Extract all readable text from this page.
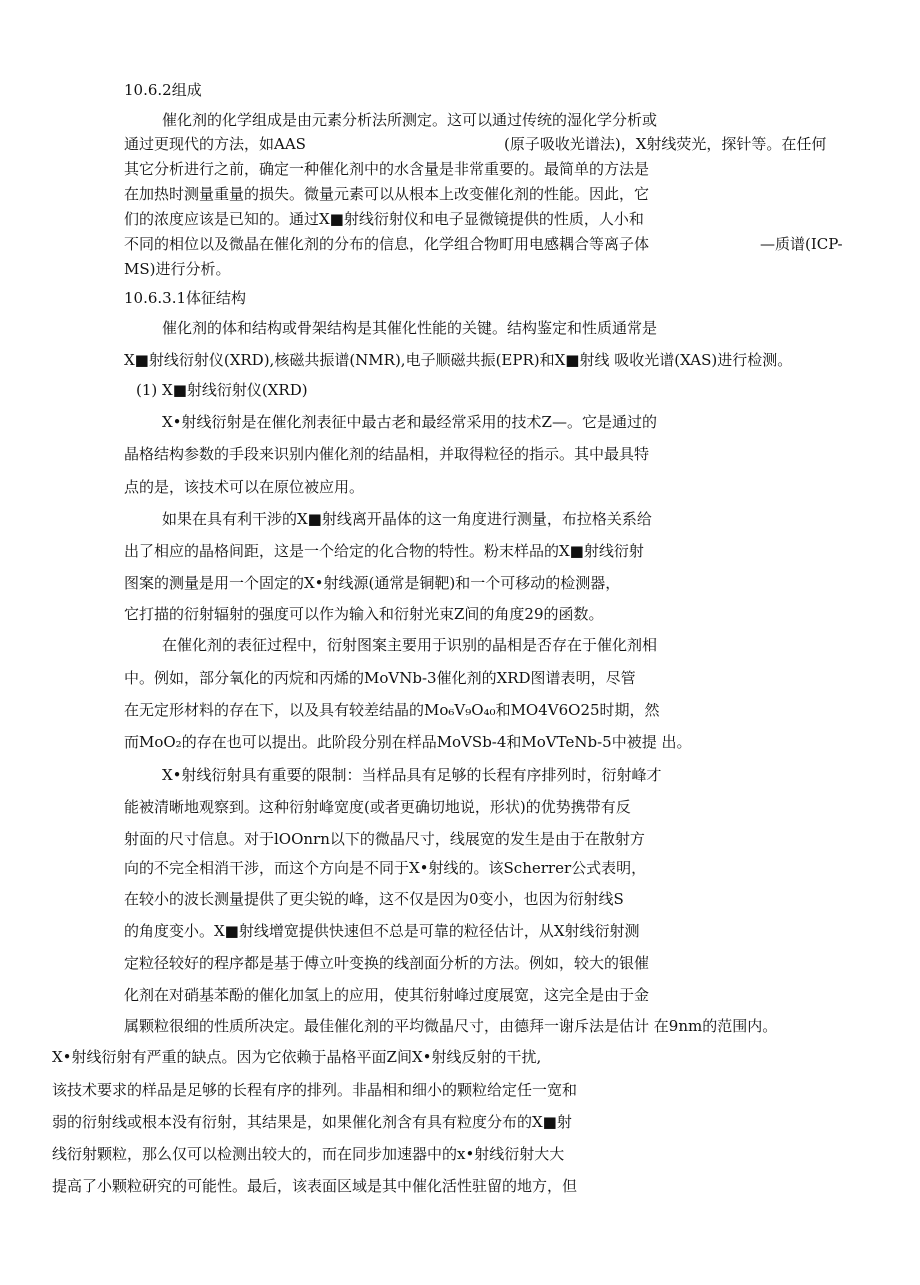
10.6.2组成
催化剂的化学组成是由元素分析法所测定。这可以通过传统的湿化学分析或
通过更现代的方法，如AAS	(原子吸收光谱法)，X射线荧光，探针等。在任何
其它分析进行之前，确定一种催化剂中的水含量是非常重要的。最简单的方法是
在加热时测量重量的损失。微量元素可以从根本上改变催化剂的性能。因此，它
们的浓度应该是已知的。通过X■射线衍射仪和电子显微镜提供的性质，人小和
不同的相位以及微晶在催化剂的分布的信息，化学组合物町用电感耦合等离子体	—质谱(ICP-
MS)进行分析。
10.6.3.1体征结构
催化剂的体和结构或骨架结构是其催化性能的关键。结构鉴定和性质通常是
X■射线衍射仪(XRD),核磁共振谱(NMR),电子顺磁共振(EPR)和X■射线 吸收光谱(XAS)进行检测。
(1) X■射线衍射仪(XRD)
X•射线衍射是在催化剂表征中最古老和最经常采用的技术Z—。它是通过的
晶格结构参数的手段来识别内催化剂的结晶相，并取得粒径的指示。其中最具特
点的是，该技术可以在原位被应用。
如果在具有利干涉的X■射线离开晶体的这一角度进行测量，布拉格关系给
出了相应的晶格间距，这是一个给定的化合物的特性。粉末样品的X■射线衍射
图案的测量是用一个固定的X•射线源(通常是铜靶)和一个可移动的检测器，
它打描的衍射辐射的强度可以作为输入和衍射光束Z间的角度29的函数。
在催化剂的表征过程中，衍射图案主要用于识别的晶相是否存在于催化剂相
中。例如，部分氧化的丙烷和丙烯的MoVNb-3催化剂的XRD图谱表明，尽管
在无定形材料的存在下，以及具有较差结晶的Mo₆V₉O₄₀和MO4V6O25时期，然
而MoO₂的存在也可以提出。此阶段分别在样品MoVSb-4和MoVTeNb-5中被提 出。
X•射线衍射具有重要的限制：当样品具有足够的长程有序排列时，衍射峰才
能被清晰地观察到。这种衍射峰宽度(或者更确切地说，形状)的优势携带有反
射面的尺寸信息。对于lOOnrn以下的微晶尺寸，线展宽的发生是由于在散射方
向的不完全相消干涉，而这个方向是不同于X•射线的。该Scherrer公式表明，
在较小的波长测量提供了更尖锐的峰，这不仅是因为0变小，也因为衍射线S
的角度变小。X■射线增宽提供快速但不总是可靠的粒径估计，从X射线衍射测
定粒径较好的程序都是基于傅立叶变换的线剖面分析的方法。例如，较大的银催
化剂在对硝基苯酚的催化加氢上的应用，使其衍射峰过度展宽，这完全是由于金
属颗粒很细的性质所决定。最佳催化剂的平均微晶尺寸，由德拜一谢斥法是估计 在9nm的范围内。
X•射线衍射有严重的缺点。因为它依赖于晶格平面Z间X•射线反射的干扰,
该技术要求的样品是足够的长程有序的排列。非晶相和细小的颗粒给定任一宽和
弱的衍射线或根本没有衍射，其结果是，如果催化剂含有具有粒度分布的X■射
线衍射颗粒，那么仅可以检测出较大的，而在同步加速器中的x•射线衍射大大
提高了小颗粒研究的可能性。最后，该表面区域是其中催化活性驻留的地方，但
